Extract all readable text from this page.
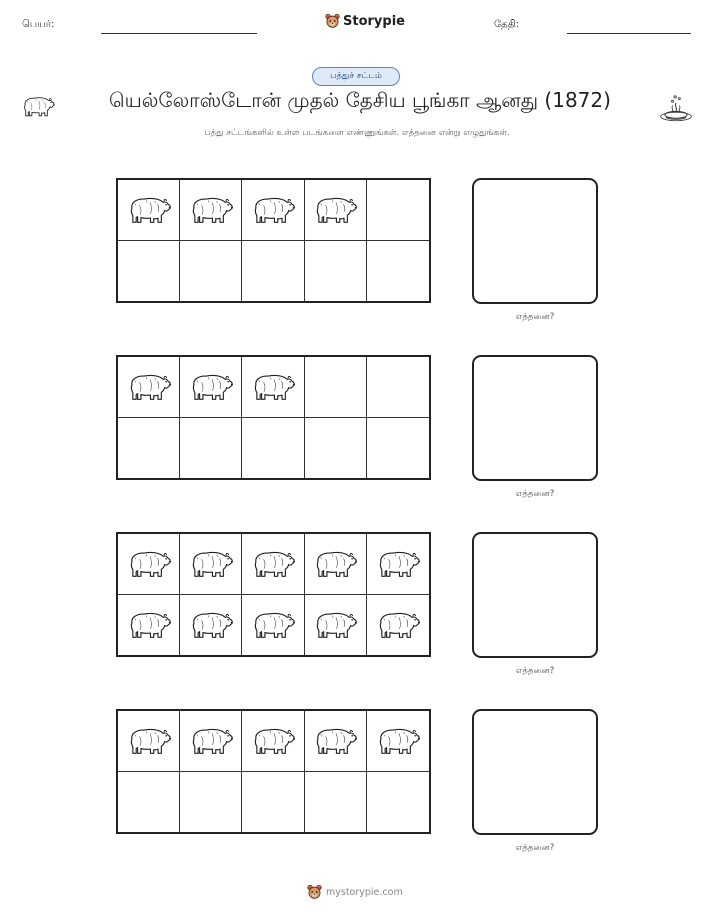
பெயர்:	Storypie	தேதி:
பத்துச் சட்டம்
யெல்லோஸ்டோன் முதல் தேசிய பூங்கா ஆனது (1872)
பத்து சட்டங்களில் உள்ள படங்களை எண்ணுங்கள். எத்தனை என்று எழுதுங்கள்.
எத்தனை?
எத்தனை?
எத்தனை?
எத்தனை?
mystorypie.com
